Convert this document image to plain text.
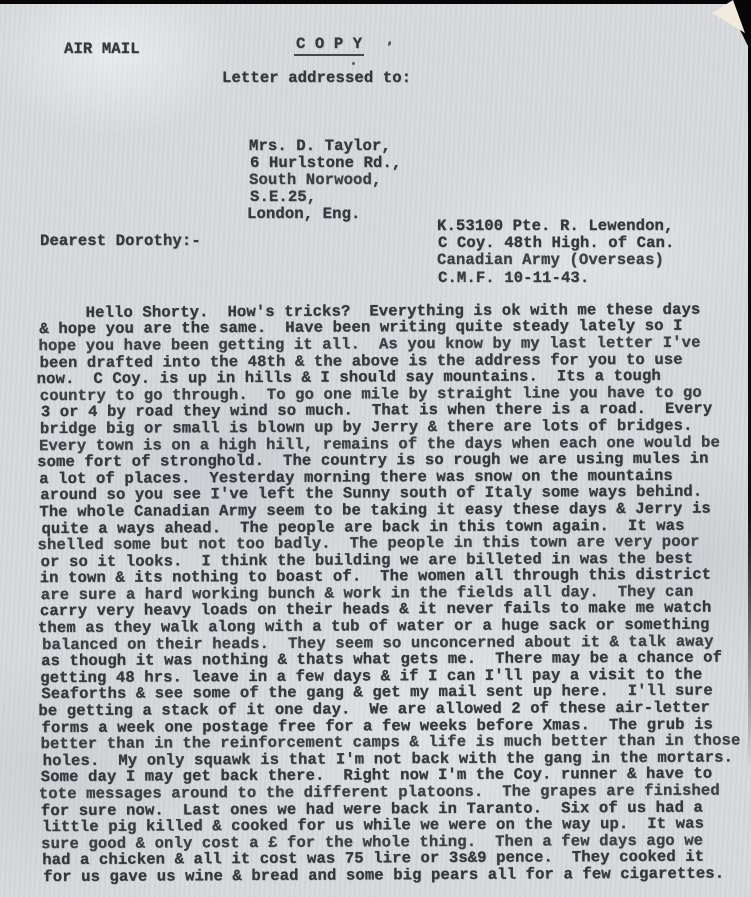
AIR MAIL	C O P Y
Letter addressed to:

Mrs. D. Taylor,
6 Hurlstone Rd.,
South Norwood,
S.E.25,
London, Eng.

K.53100 Pte. R. Lewendon,
C Coy. 48th High. of Can.
Canadian Army (Overseas)
C.M.F. 10-11-43.
Dearest Dorothy:-

Hello Shorty.  How's tricks?  Everything is ok with me these days
& hope you are the same.  Have been writing quite steady lately so I
hope you have been getting it all.  As you know by my last letter I've
been drafted into the 48th & the above is the address for you to use
now.  C Coy. is up in hills & I should say mountains.  Its a tough
country to go through.  To go one mile by straight line you have to go
3 or 4 by road they wind so much.  That is when there is a road.  Every
bridge big or small is blown up by Jerry & there are lots of bridges.
Every town is on a high hill, remains of the days when each one would be
some fort of stronghold.  The country is so rough we are using mules in
a lot of places.  Yesterday morning there was snow on the mountains
around so you see I've left the Sunny south of Italy some ways behind.
The whole Canadian Army seem to be taking it easy these days & Jerry is
quite a ways ahead.  The people are back in this town again.  It was
shelled some but not too badly.  The people in this town are very poor
or so it looks.  I think the building we are billeted in was the best
in town & its nothing to boast of.  The women all through this district
are sure a hard working bunch & work in the fields all day.  They can
carry very heavy loads on their heads & it never fails to make me watch
them as they walk along with a tub of water or a huge sack or something
balanced on their heads.  They seem so unconcerned about it & talk away
as though it was nothing & thats what gets me.  There may be a chance of
getting 48 hrs. leave in a few days & if I can I'll pay a visit to the
Seaforths & see some of the gang & get my mail sent up here.  I'll sure
be getting a stack of it one day.  We are allowed 2 of these air-letter
forms a week one postage free for a few weeks before Xmas.  The grub is
better than in the reinforcement camps & life is much better than in those
holes.  My only squawk is that I'm not back with the gang in the mortars.
Some day I may get back there.  Right now I'm the Coy. runner & have to
tote messages around to the different platoons.  The grapes are finished
for sure now.  Last ones we had were back in Taranto.  Six of us had a
little pig killed & cooked for us while we were on the way up.  It was
sure good & only cost a £ for the whole thing.  Then a few days ago we
had a chicken & all it cost was 75 lire or 3s&9 pence.  They cooked it
for us gave us wine & bread and some big pears all for a few cigarettes.
